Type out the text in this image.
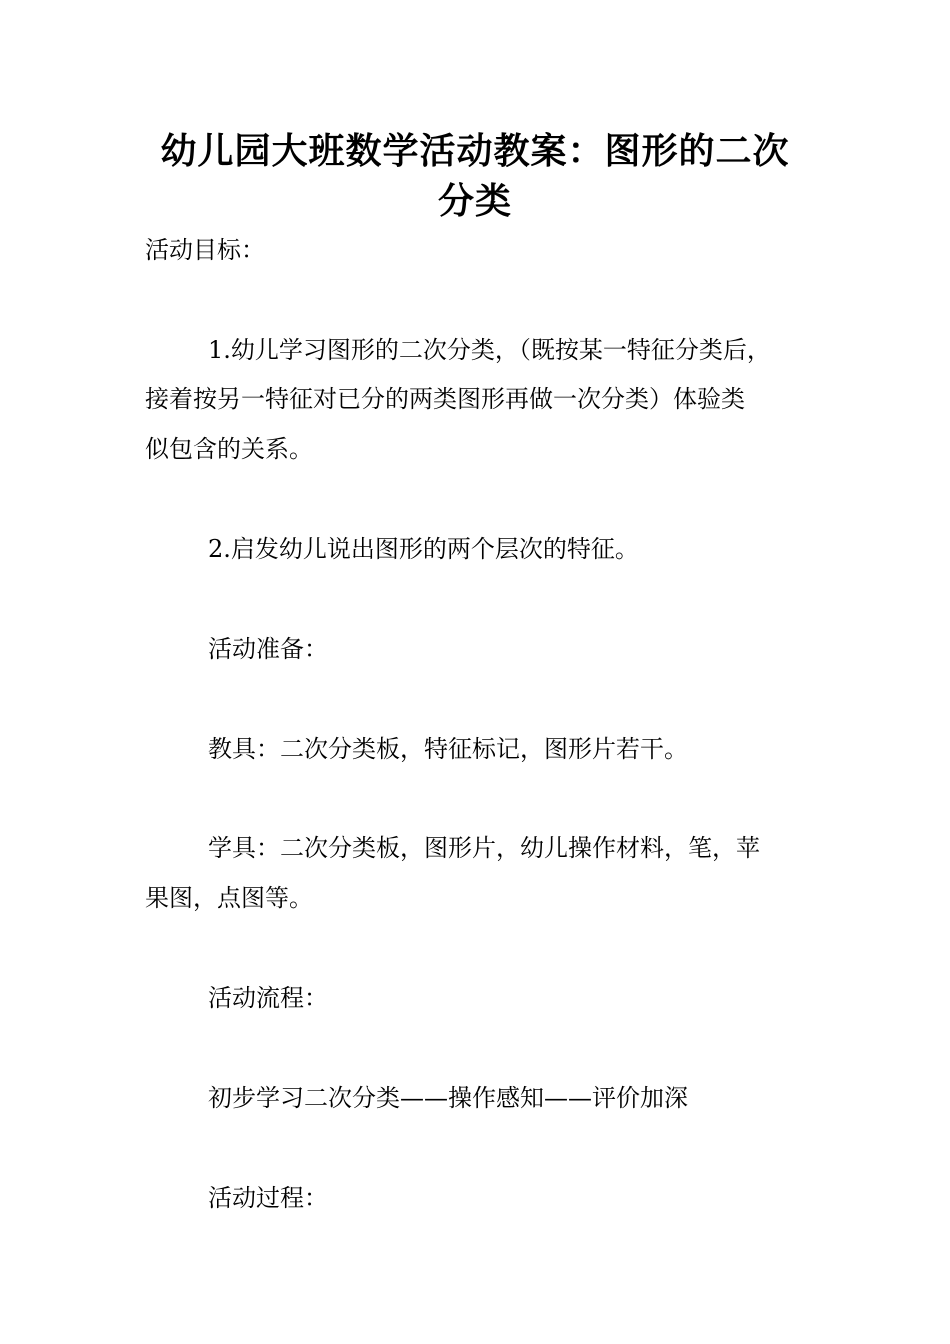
幼儿园大班数学活动教案：图形的二次
分类

活动目标：

1.幼儿学习图形的二次分类，（既按某一特征分类后，

接着按另一特征对已分的两类图形再做一次分类）体验类

似包含的关系。

2.启发幼儿说出图形的两个层次的特征。

活动准备：

教具：二次分类板，特征标记，图形片若干。

学具：二次分类板，图形片，幼儿操作材料，笔，苹

果图，点图等。

活动流程：

初步学习二次分类——操作感知——评价加深

活动过程：
